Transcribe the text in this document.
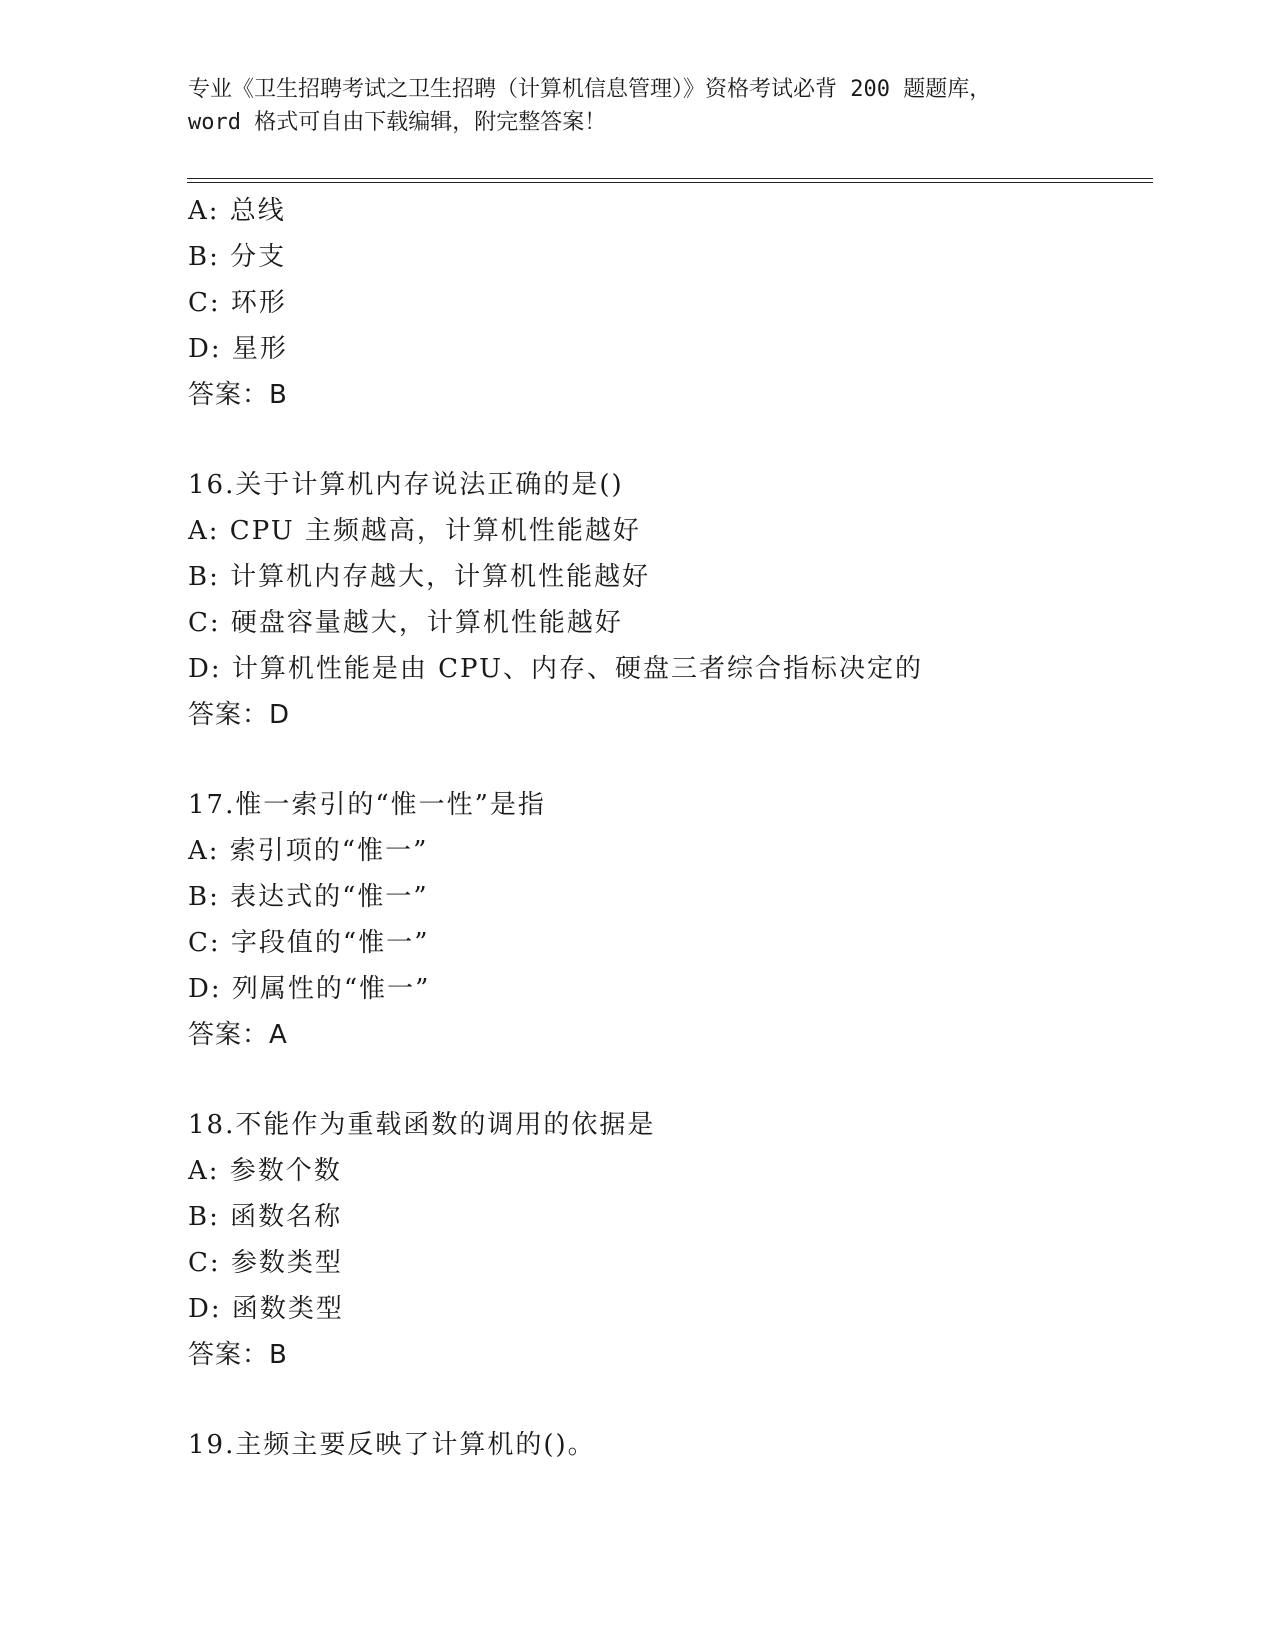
专业《卫生招聘考试之卫生招聘（计算机信息管理）》资格考试必背 200 题题库，
word 格式可自由下载编辑，附完整答案！
A: 总线
B: 分支
C: 环形
D: 星形
答案：B
16.关于计算机内存说法正确的是()
A: CPU 主频越高，计算机性能越好
B: 计算机内存越大，计算机性能越好
C: 硬盘容量越大，计算机性能越好
D: 计算机性能是由 CPU、内存、硬盘三者综合指标决定的
答案：D
17.惟一索引的“惟一性”是指
A: 索引项的“惟一”
B: 表达式的“惟一”
C: 字段值的“惟一”
D: 列属性的“惟一”
答案：A
18.不能作为重载函数的调用的依据是
A: 参数个数
B: 函数名称
C: 参数类型
D: 函数类型
答案：B
19.主频主要反映了计算机的()。
